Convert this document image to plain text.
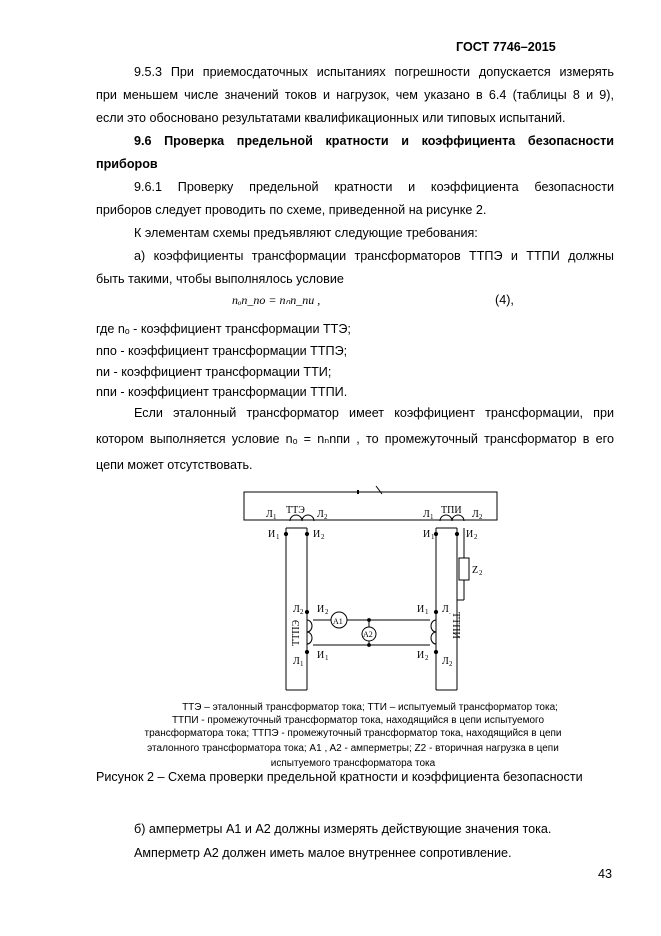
ГОСТ 7746–2015
9.5.3 При приемосдаточных испытаниях погрешности допускается измерять
при меньшем числе значений токов и нагрузок, чем указано в 6.4 (таблицы 8 и 9),
если это обосновано результатами квалификационных или типовых испытаний.
9.6 Проверка предельной кратности и коэффициента безопасности
приборов
9.6.1 Проверку предельной кратности и коэффициента безопасности
приборов следует проводить по схеме, приведенной на рисунке 2.
К элементам схемы предъявляют следующие требования:
а) коэффициенты трансформации трансформаторов ТТПЭ и ТТПИ должны
быть такими, чтобы выполнялось условие
nₒn_по = nₙn_пи ,	(4),
где nₒ - коэффициент трансформации ТТЭ;
nпо - коэффициент трансформации ТТПЭ;
nи - коэффициент трансформации ТТИ;
nпи - коэффициент трансформации ТТПИ.
Если эталонный трансформатор имеет коэффициент трансформации, при
котором выполняется условие nₒ = nₙnпи , то промежуточный трансформатор в его
цепи может отсутствовать.
ТТЭ	ТПИ
Л 1	Л 2	Л 1	Л 2
И 1	И 2	И 1	И 2
Z 2
Л 2 И 2	И 1 Л .
Л 1
И 1	И 2 Л 2
A1
A2
ТТПЭ	ТТПИ
ТТЭ – эталонный трансформатор тока; ТТИ – испытуемый трансформатор тока;
ТТПИ - промежуточный трансформатор тока, находящийся в цепи испытуемого
трансформатора тока; ТТПЭ - промежуточный трансформатор тока, находящийся в цепи
эталонного трансформатора тока; A1 , A2 - амперметры; Z2 - вторичная нагрузка в цепи
испытуемого трансформатора тока
Рисунок 2 – Схема проверки предельной кратности и коэффициента безопасности
б) амперметры A1 и A2 должны измерять действующие значения тока.
Амперметр A2 должен иметь малое внутреннее сопротивление.
43
